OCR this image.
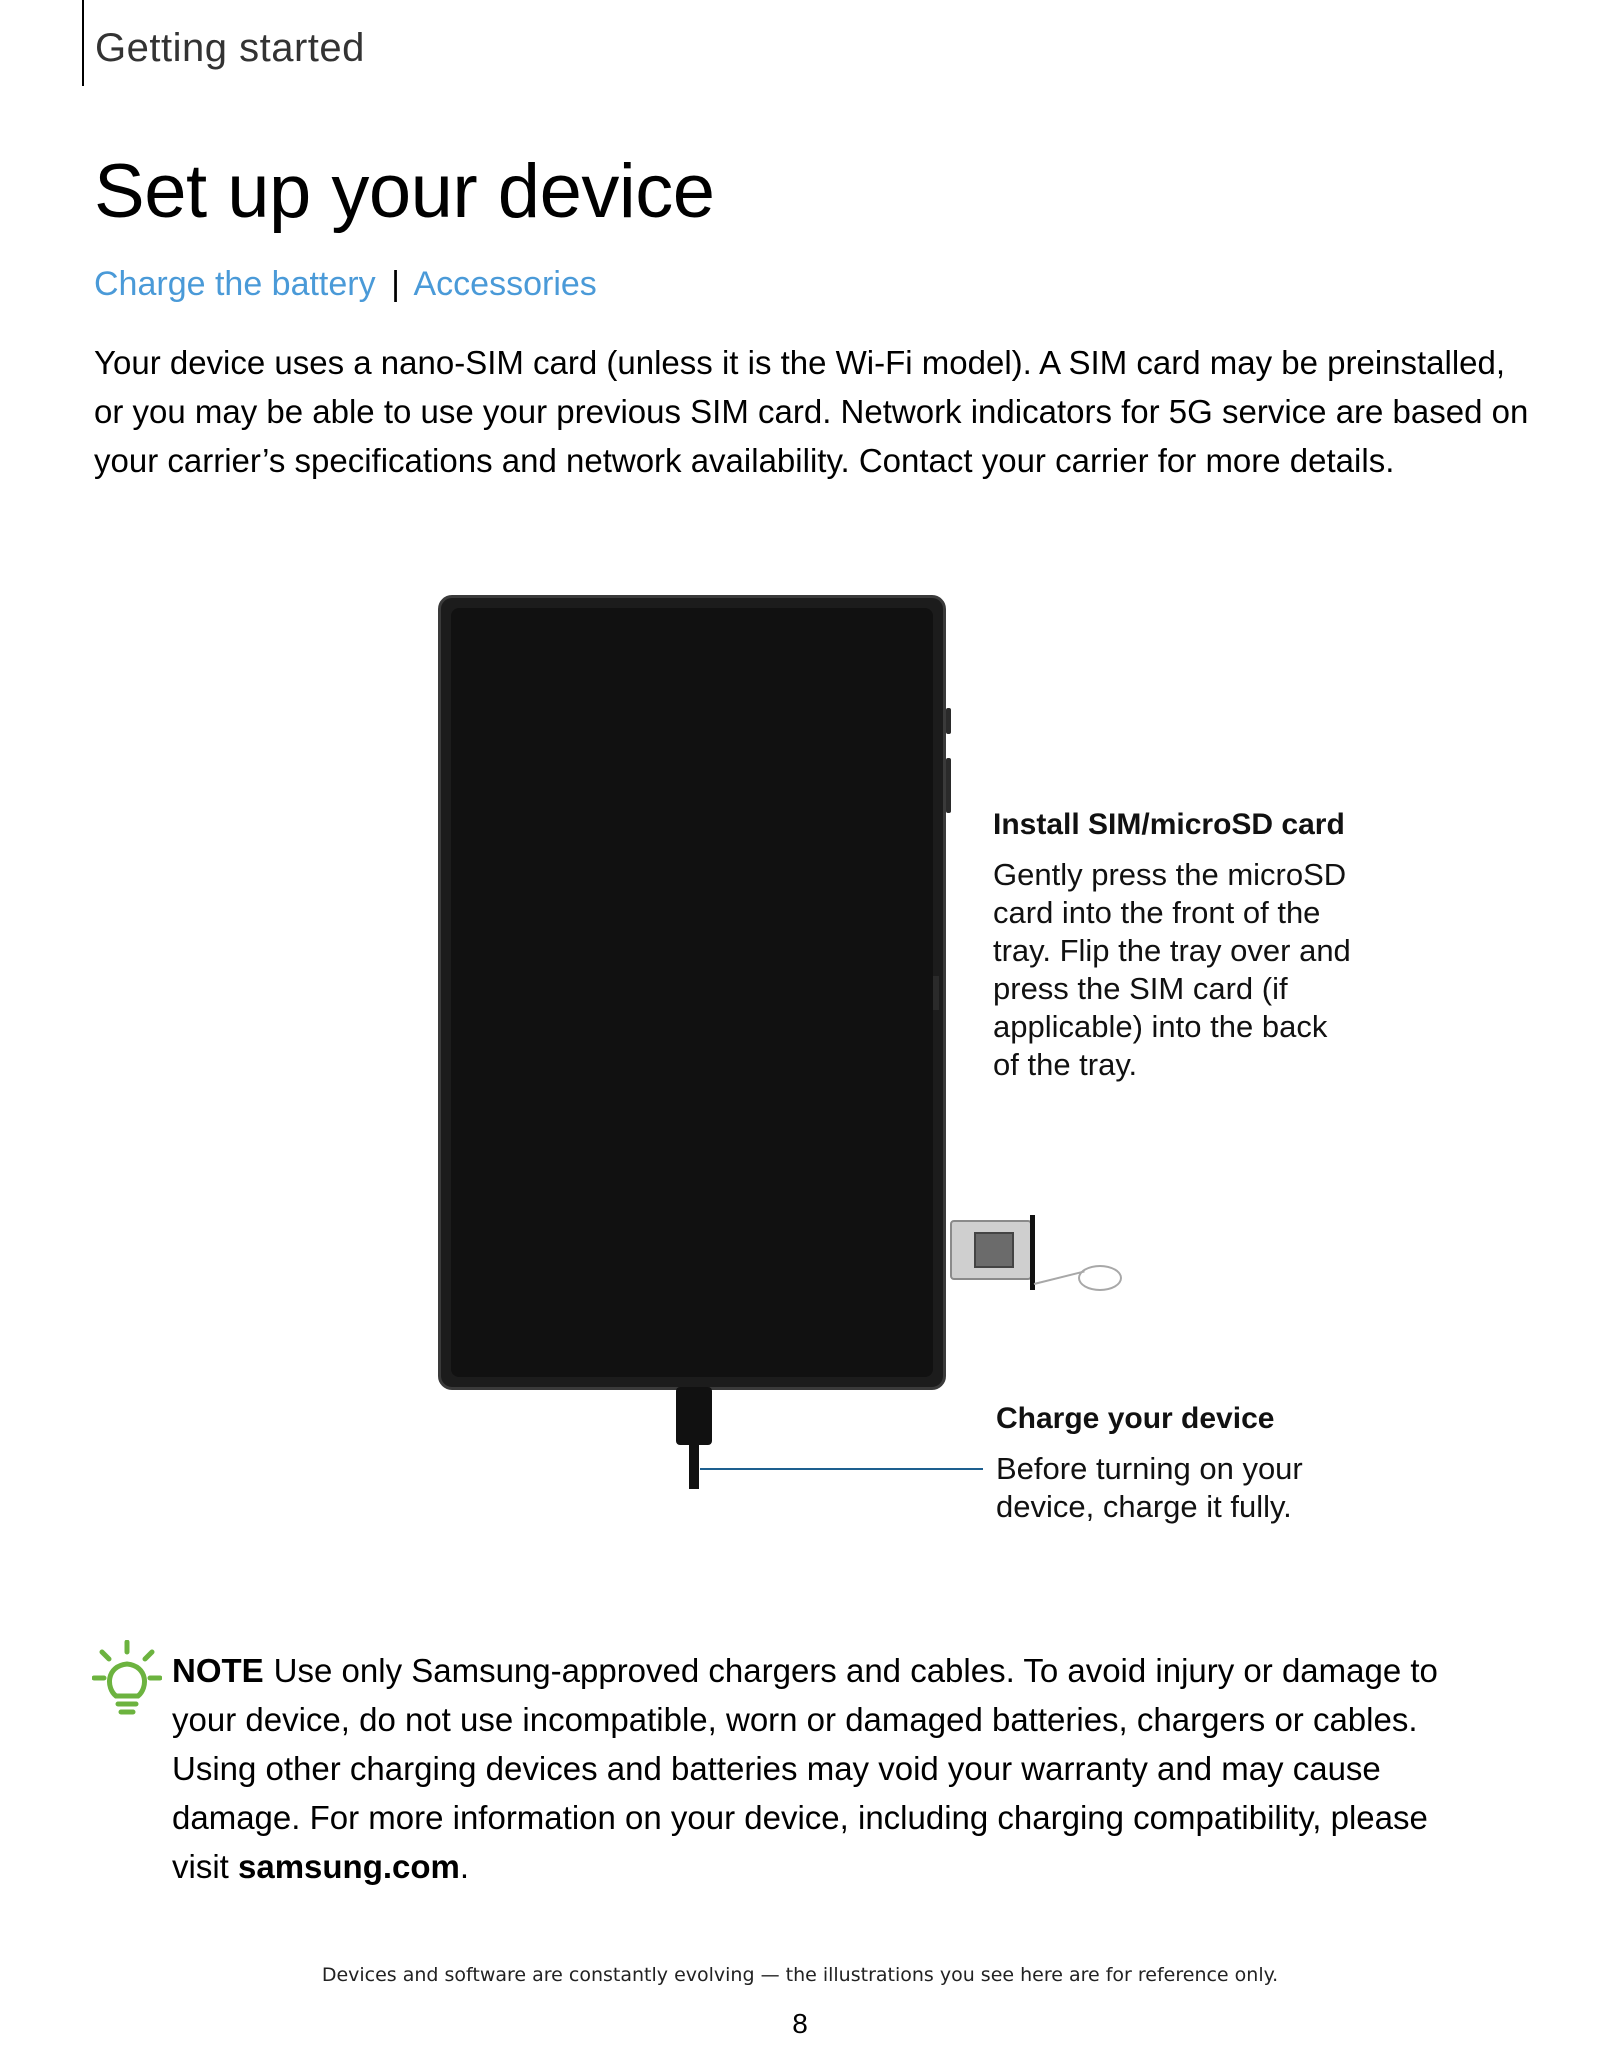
Getting started
Set up your device
Charge the battery | Accessories

Your device uses a nano-SIM card (unless it is the Wi-Fi model). A SIM card may be preinstalled, or you may be able to use your previous SIM card. Network indicators for 5G service are based on your carrier’s specifications and network availability. Contact your carrier for more details.

Install SIM/microSD card
Gently press the microSD
card into the front of the
tray. Flip the tray over and
press the SIM card (if
applicable) into the back
of the tray.
Charge your device
Before turning on your
device, charge it fully.

NOTE Use only Samsung-approved chargers and cables. To avoid injury or damage to your device, do not use incompatible, worn or damaged batteries, chargers or cables. Using other charging devices and batteries may void your warranty and may cause damage. For more information on your device, including charging compatibility, please visit samsung.com.

Devices and software are constantly evolving — the illustrations you see here are for reference only.
8
